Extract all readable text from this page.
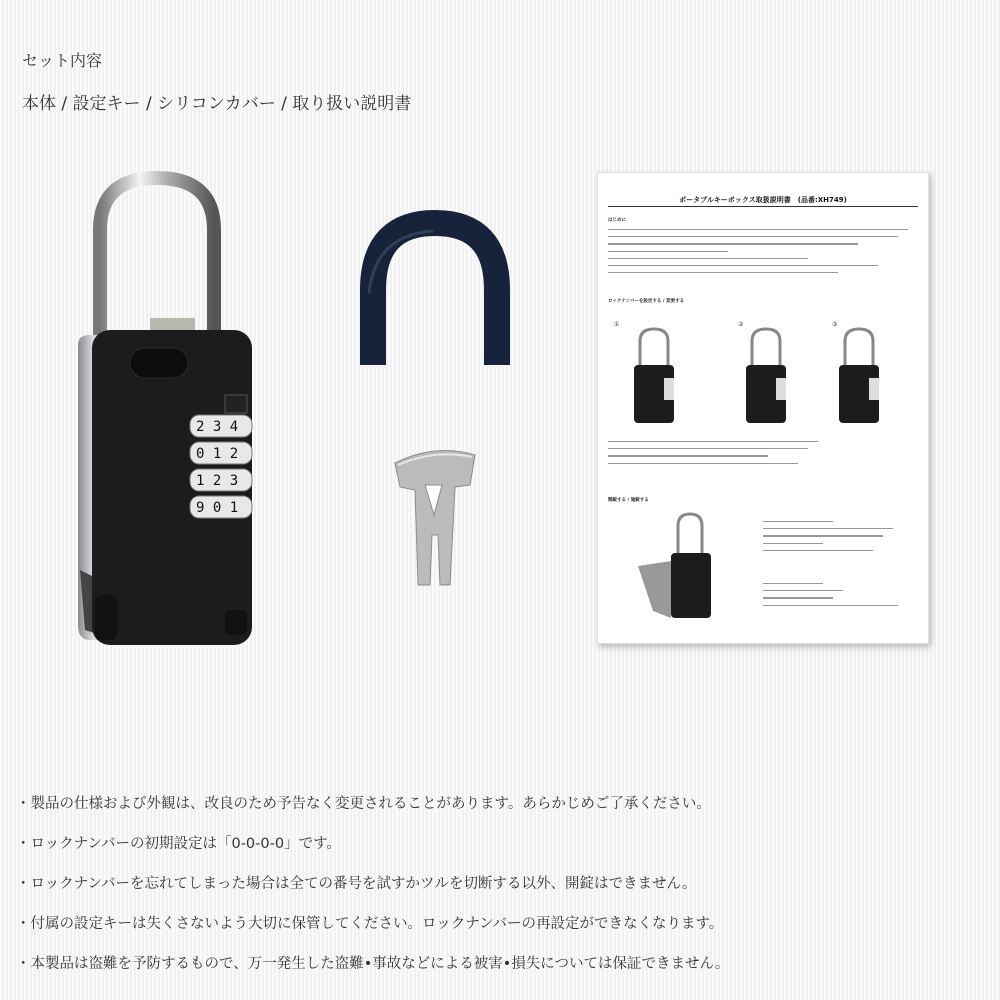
セット内容
本体 / 設定キー / シリコンカバー / 取り扱い説明書
2 3 4
0 1 2
1 2 3
9 0 1
ポータブルキーボックス取扱説明書　(品番:XH749)
はじめに
ロックナンバーを設定する / 変更する
①	②	③
開錠する / 施錠する
・製品の仕様および外観は、改良のため予告なく変更されることがあります。あらかじめご了承ください。
・ロックナンバーの初期設定は「0-0-0-0」です。
・ロックナンバーを忘れてしまった場合は全ての番号を試すかツルを切断する以外、開錠はできません。
・付属の設定キーは失くさないよう大切に保管してください。ロックナンバーの再設定ができなくなります。
・本製品は盗難を予防するもので、万一発生した盗難•事故などによる被害•損失については保証できません。
